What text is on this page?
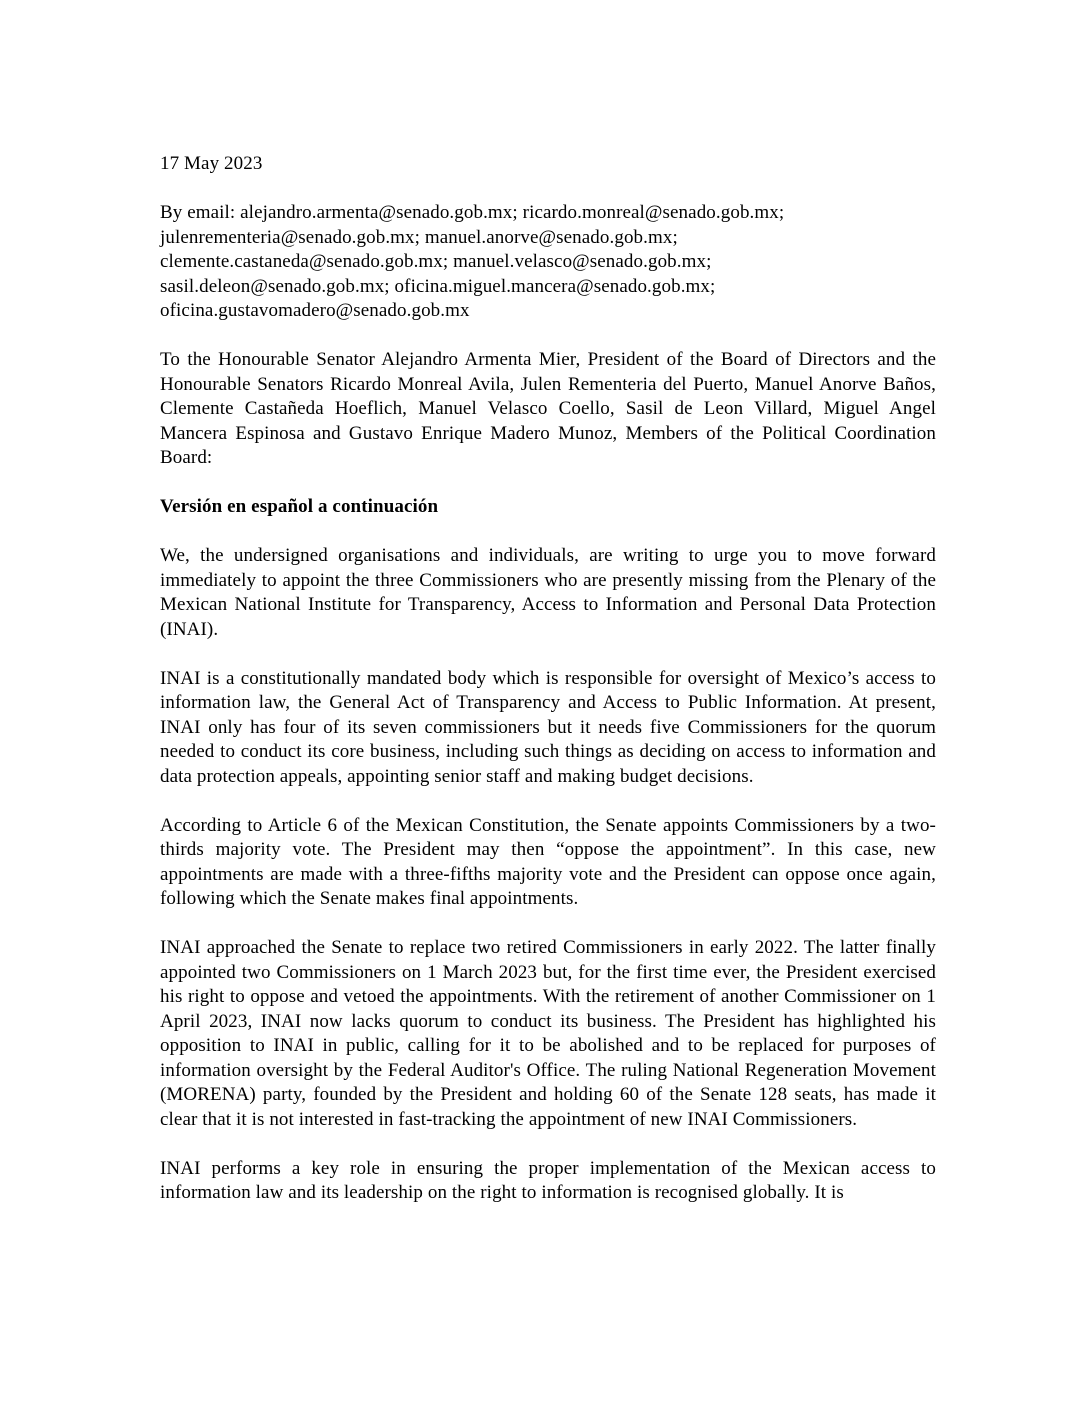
17 May 2023
By email: alejandro.armenta@senado.gob.mx; ricardo.monreal@senado.gob.mx;
julenrementeria@senado.gob.mx; manuel.anorve@senado.gob.mx;
clemente.castaneda@senado.gob.mx; manuel.velasco@senado.gob.mx;
sasil.deleon@senado.gob.mx; oficina.miguel.mancera@senado.gob.mx;
oficina.gustavomadero@senado.gob.mx
To the Honourable Senator Alejandro Armenta Mier, President of the Board of Directors and the Honourable Senators Ricardo Monreal Avila, Julen Rementeria del Puerto, Manuel Anorve Baños, Clemente Castañeda Hoeflich, Manuel Velasco Coello, Sasil de Leon Villard, Miguel Angel Mancera Espinosa and Gustavo Enrique Madero Munoz, Members of the Political Coordination Board:
Versión en español a continuación
We, the undersigned organisations and individuals, are writing to urge you to move forward immediately to appoint the three Commissioners who are presently missing from the Plenary of the Mexican National Institute for Transparency, Access to Information and Personal Data Protection (INAI).
INAI is a constitutionally mandated body which is responsible for oversight of Mexico’s access to information law, the General Act of Transparency and Access to Public Information. At present, INAI only has four of its seven commissioners but it needs five Commissioners for the quorum needed to conduct its core business, including such things as deciding on access to information and data protection appeals, appointing senior staff and making budget decisions.
According to Article 6 of the Mexican Constitution, the Senate appoints Commissioners by a two-thirds majority vote. The President may then “oppose the appointment”. In this case, new appointments are made with a three-fifths majority vote and the President can oppose once again, following which the Senate makes final appointments.
INAI approached the Senate to replace two retired Commissioners in early 2022. The latter finally appointed two Commissioners on 1 March 2023 but, for the first time ever, the President exercised his right to oppose and vetoed the appointments. With the retirement of another Commissioner on 1 April 2023, INAI now lacks quorum to conduct its business. The President has highlighted his opposition to INAI in public, calling for it to be abolished and to be replaced for purposes of information oversight by the Federal Auditor's Office. The ruling National Regeneration Movement (MORENA) party, founded by the President and holding 60 of the Senate 128 seats, has made it clear that it is not interested in fast-tracking the appointment of new INAI Commissioners.
INAI performs a key role in ensuring the proper implementation of the Mexican access to information law and its leadership on the right to information is recognised globally. It is
